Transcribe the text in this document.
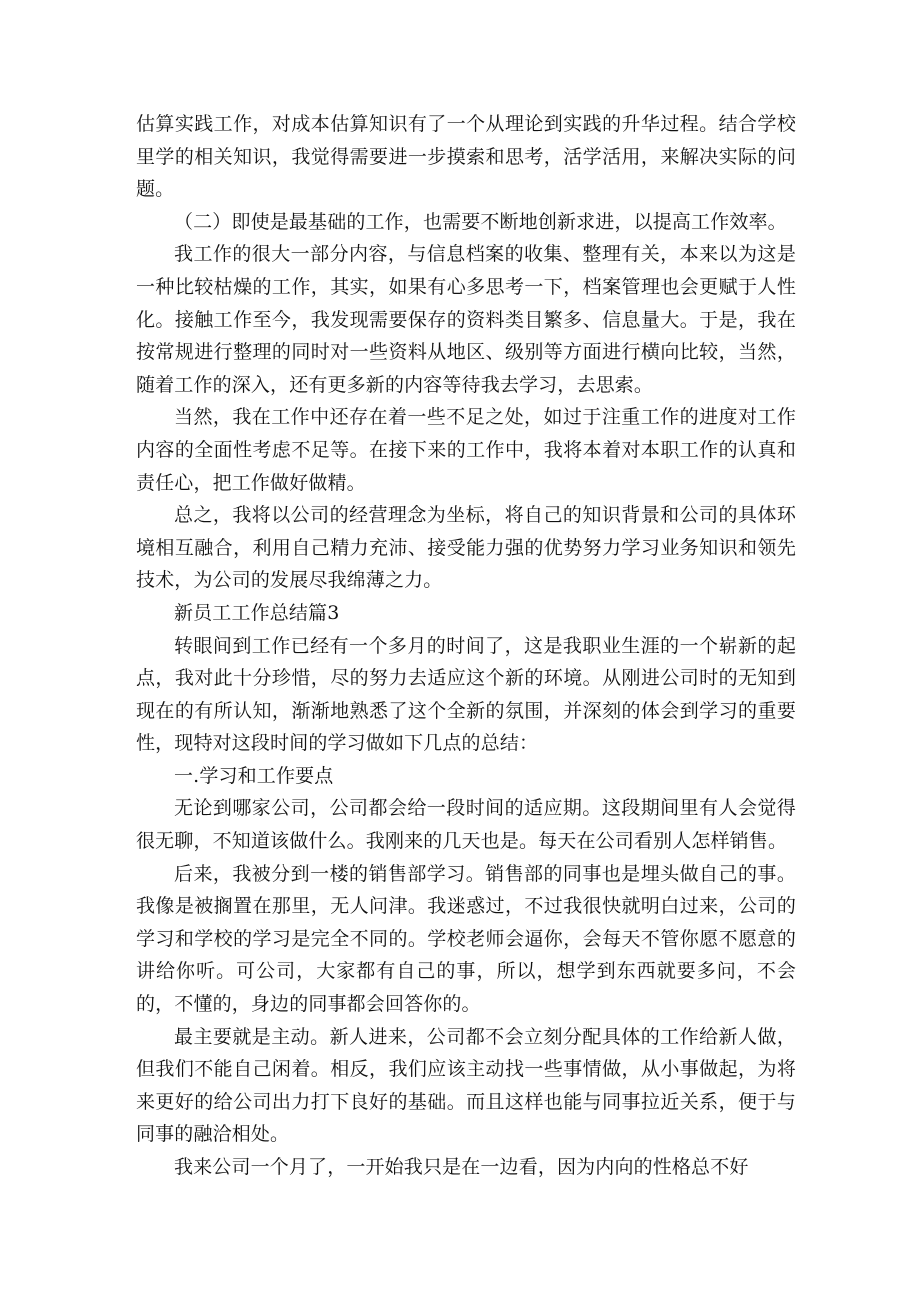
估算实践工作，对成本估算知识有了一个从理论到实践的升华过程。结合学校里学的相关知识，我觉得需要进一步摸索和思考，活学活用，来解决实际的问题。

（二）即使是最基础的工作，也需要不断地创新求进，以提高工作效率。

我工作的很大一部分内容，与信息档案的收集、整理有关，本来以为这是一种比较枯燥的工作，其实，如果有心多思考一下，档案管理也会更赋于人性化。接触工作至今，我发现需要保存的资料类目繁多、信息量大。于是，我在按常规进行整理的同时对一些资料从地区、级别等方面进行横向比较，当然，随着工作的深入，还有更多新的内容等待我去学习，去思索。

当然，我在工作中还存在着一些不足之处，如过于注重工作的进度对工作内容的全面性考虑不足等。在接下来的工作中，我将本着对本职工作的认真和责任心，把工作做好做精。

总之，我将以公司的经营理念为坐标，将自己的知识背景和公司的具体环境相互融合，利用自己精力充沛、接受能力强的优势努力学习业务知识和领先技术，为公司的发展尽我绵薄之力。

新员工工作总结篇3

转眼间到工作已经有一个多月的时间了，这是我职业生涯的一个崭新的起点，我对此十分珍惜，尽的努力去适应这个新的环境。从刚进公司时的无知到现在的有所认知，渐渐地熟悉了这个全新的氛围，并深刻的体会到学习的重要性，现特对这段时间的学习做如下几点的总结：

一.学习和工作要点

无论到哪家公司，公司都会给一段时间的适应期。这段期间里有人会觉得很无聊，不知道该做什么。我刚来的几天也是。每天在公司看别人怎样销售。

后来，我被分到一楼的销售部学习。销售部的同事也是埋头做自己的事。我像是被搁置在那里，无人问津。我迷惑过，不过我很快就明白过来，公司的学习和学校的学习是完全不同的。学校老师会逼你，会每天不管你愿不愿意的讲给你听。可公司，大家都有自己的事，所以，想学到东西就要多问，不会的，不懂的，身边的同事都会回答你的。

最主要就是主动。新人进来，公司都不会立刻分配具体的工作给新人做，但我们不能自己闲着。相反，我们应该主动找一些事情做，从小事做起，为将来更好的给公司出力打下良好的基础。而且这样也能与同事拉近关系，便于与同事的融洽相处。

我来公司一个月了，一开始我只是在一边看，因为内向的性格总不好
